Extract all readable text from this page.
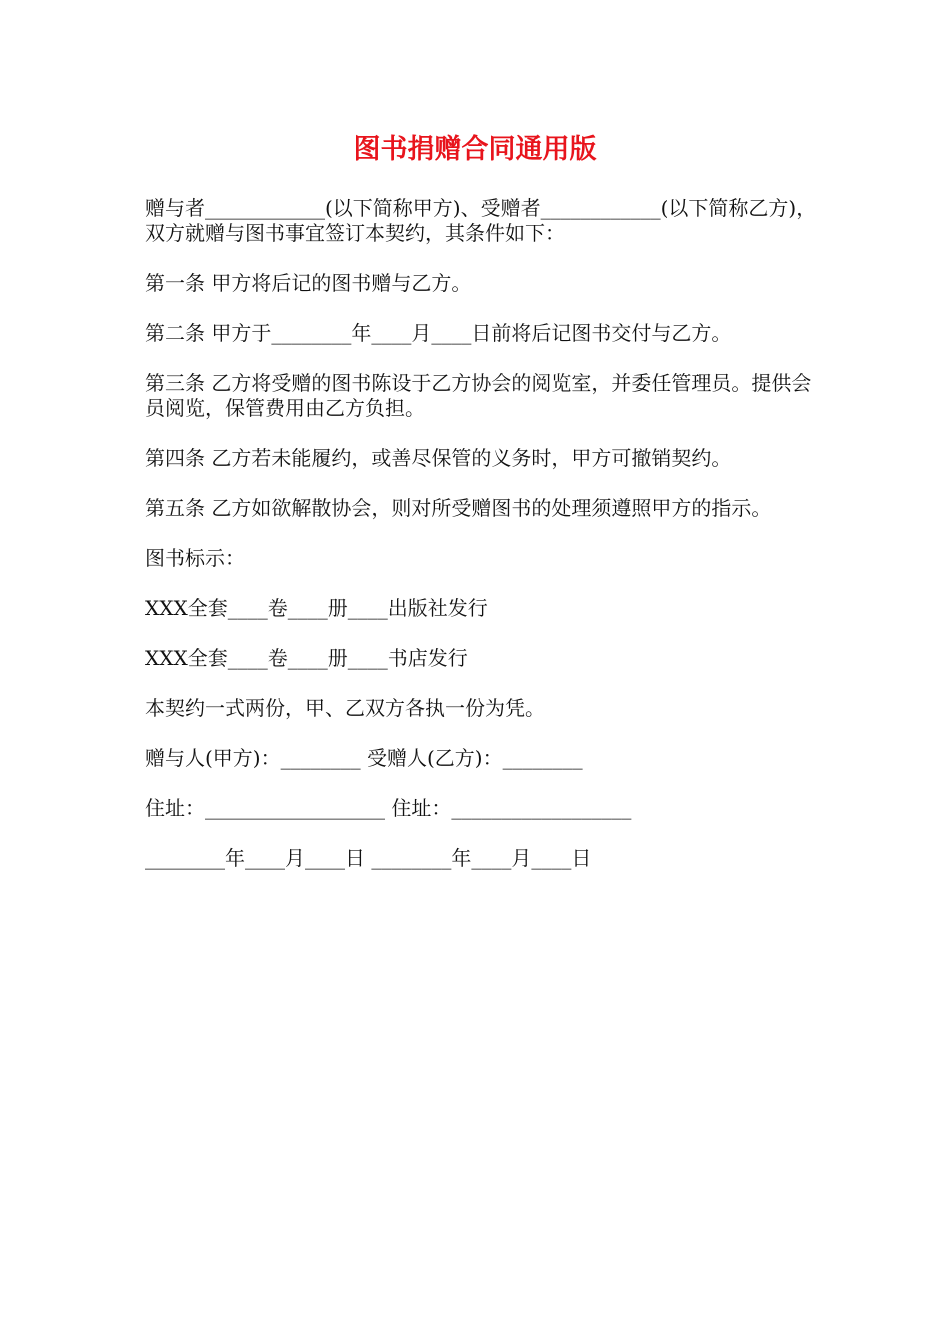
图书捐赠合同通用版

赠与者____________(以下简称甲方)、受赠者____________(以下简称乙方)，双方就赠与图书事宜签订本契约，其条件如下：

第一条 甲方将后记的图书赠与乙方。

第二条 甲方于________年____月____日前将后记图书交付与乙方。

第三条 乙方将受赠的图书陈设于乙方协会的阅览室，并委任管理员。提供会员阅览，保管费用由乙方负担。

第四条 乙方若未能履约，或善尽保管的义务时，甲方可撤销契约。

第五条 乙方如欲解散协会，则对所受赠图书的处理须遵照甲方的指示。

图书标示：

XXX全套____卷____册____出版社发行

XXX全套____卷____册____书店发行

本契约一式两份，甲、乙双方各执一份为凭。

赠与人(甲方)：________ 受赠人(乙方)：________

住址：__________________ 住址：__________________

________年____月____日 ________年____月____日
